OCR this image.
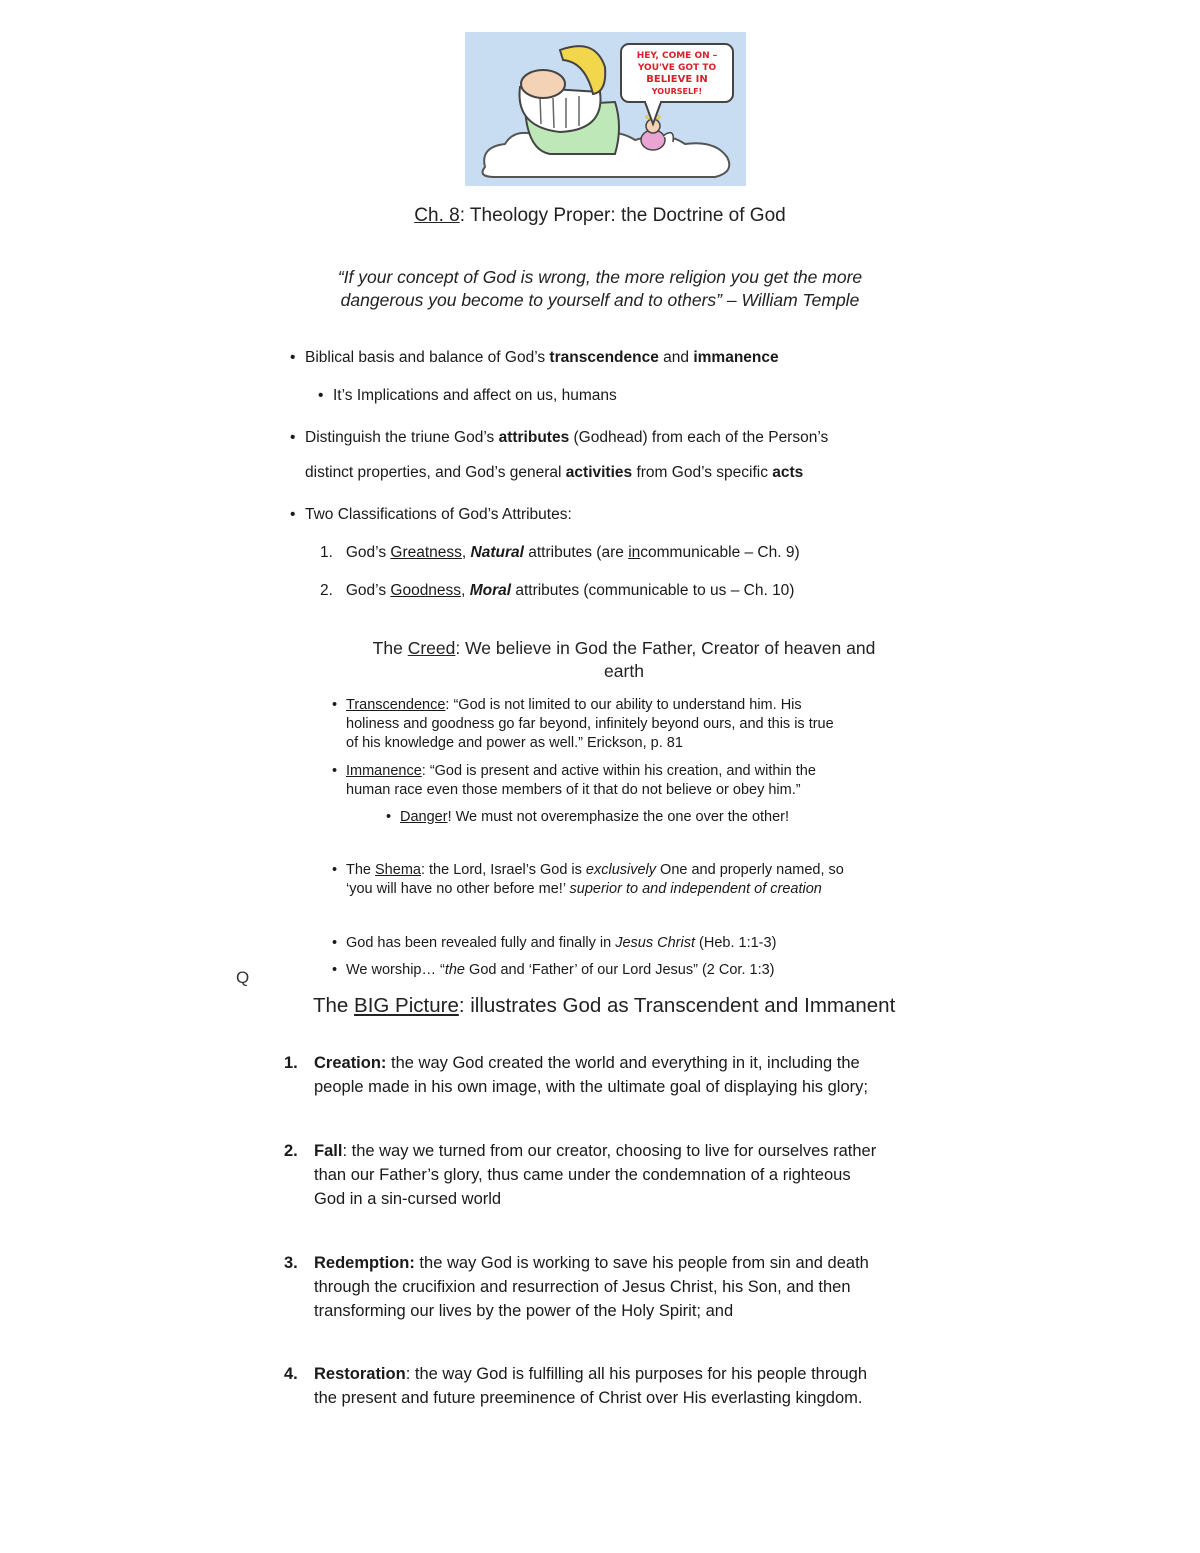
HEY, COME ON –
YOU'VE GOT TO
BELIEVE IN
YOURSELF!
Ch. 8: Theology Proper: the Doctrine of God
“If your concept of God is wrong, the more religion you get the more
dangerous you become to yourself and to others” – William Temple
• Biblical basis and balance of God’s transcendence and immanence
• It’s Implications and affect on us, humans
• Distinguish the triune God’s attributes (Godhead) from each of the Person’s
distinct properties, and God’s general activities from God’s specific acts
• Two Classifications of God’s Attributes:
1. God’s Greatness, Natural attributes (are incommunicable – Ch. 9)
2. God’s Goodness, Moral attributes (communicable to us – Ch. 10)
The Creed: We believe in God the Father, Creator of heaven and
earth
• Transcendence: “God is not limited to our ability to understand him. His
holiness and goodness go far beyond, infinitely beyond ours, and this is true
of his knowledge and power as well.” Erickson, p. 81
• Immanence: “God is present and active within his creation, and within the
human race even those members of it that do not believe or obey him.”
• Danger! We must not overemphasize the one over the other!
• The Shema: the Lord, Israel’s God is exclusively One and properly named, so
‘you will have no other before me!’ superior to and independent of creation
• God has been revealed fully and finally in Jesus Christ (Heb. 1:1-3)
• We worship… “the God and ‘Father’ of our Lord Jesus” (2 Cor. 1:3)
Q
The BIG Picture: illustrates God as Transcendent and Immanent
1. Creation: the way God created the world and everything in it, including the
people made in his own image, with the ultimate goal of displaying his glory;
2. Fall: the way we turned from our creator, choosing to live for ourselves rather
than our Father’s glory, thus came under the condemnation of a righteous
God in a sin-cursed world
3. Redemption: the way God is working to save his people from sin and death
through the crucifixion and resurrection of Jesus Christ, his Son, and then
transforming our lives by the power of the Holy Spirit; and
4. Restoration: the way God is fulfilling all his purposes for his people through
the present and future preeminence of Christ over His everlasting kingdom.
